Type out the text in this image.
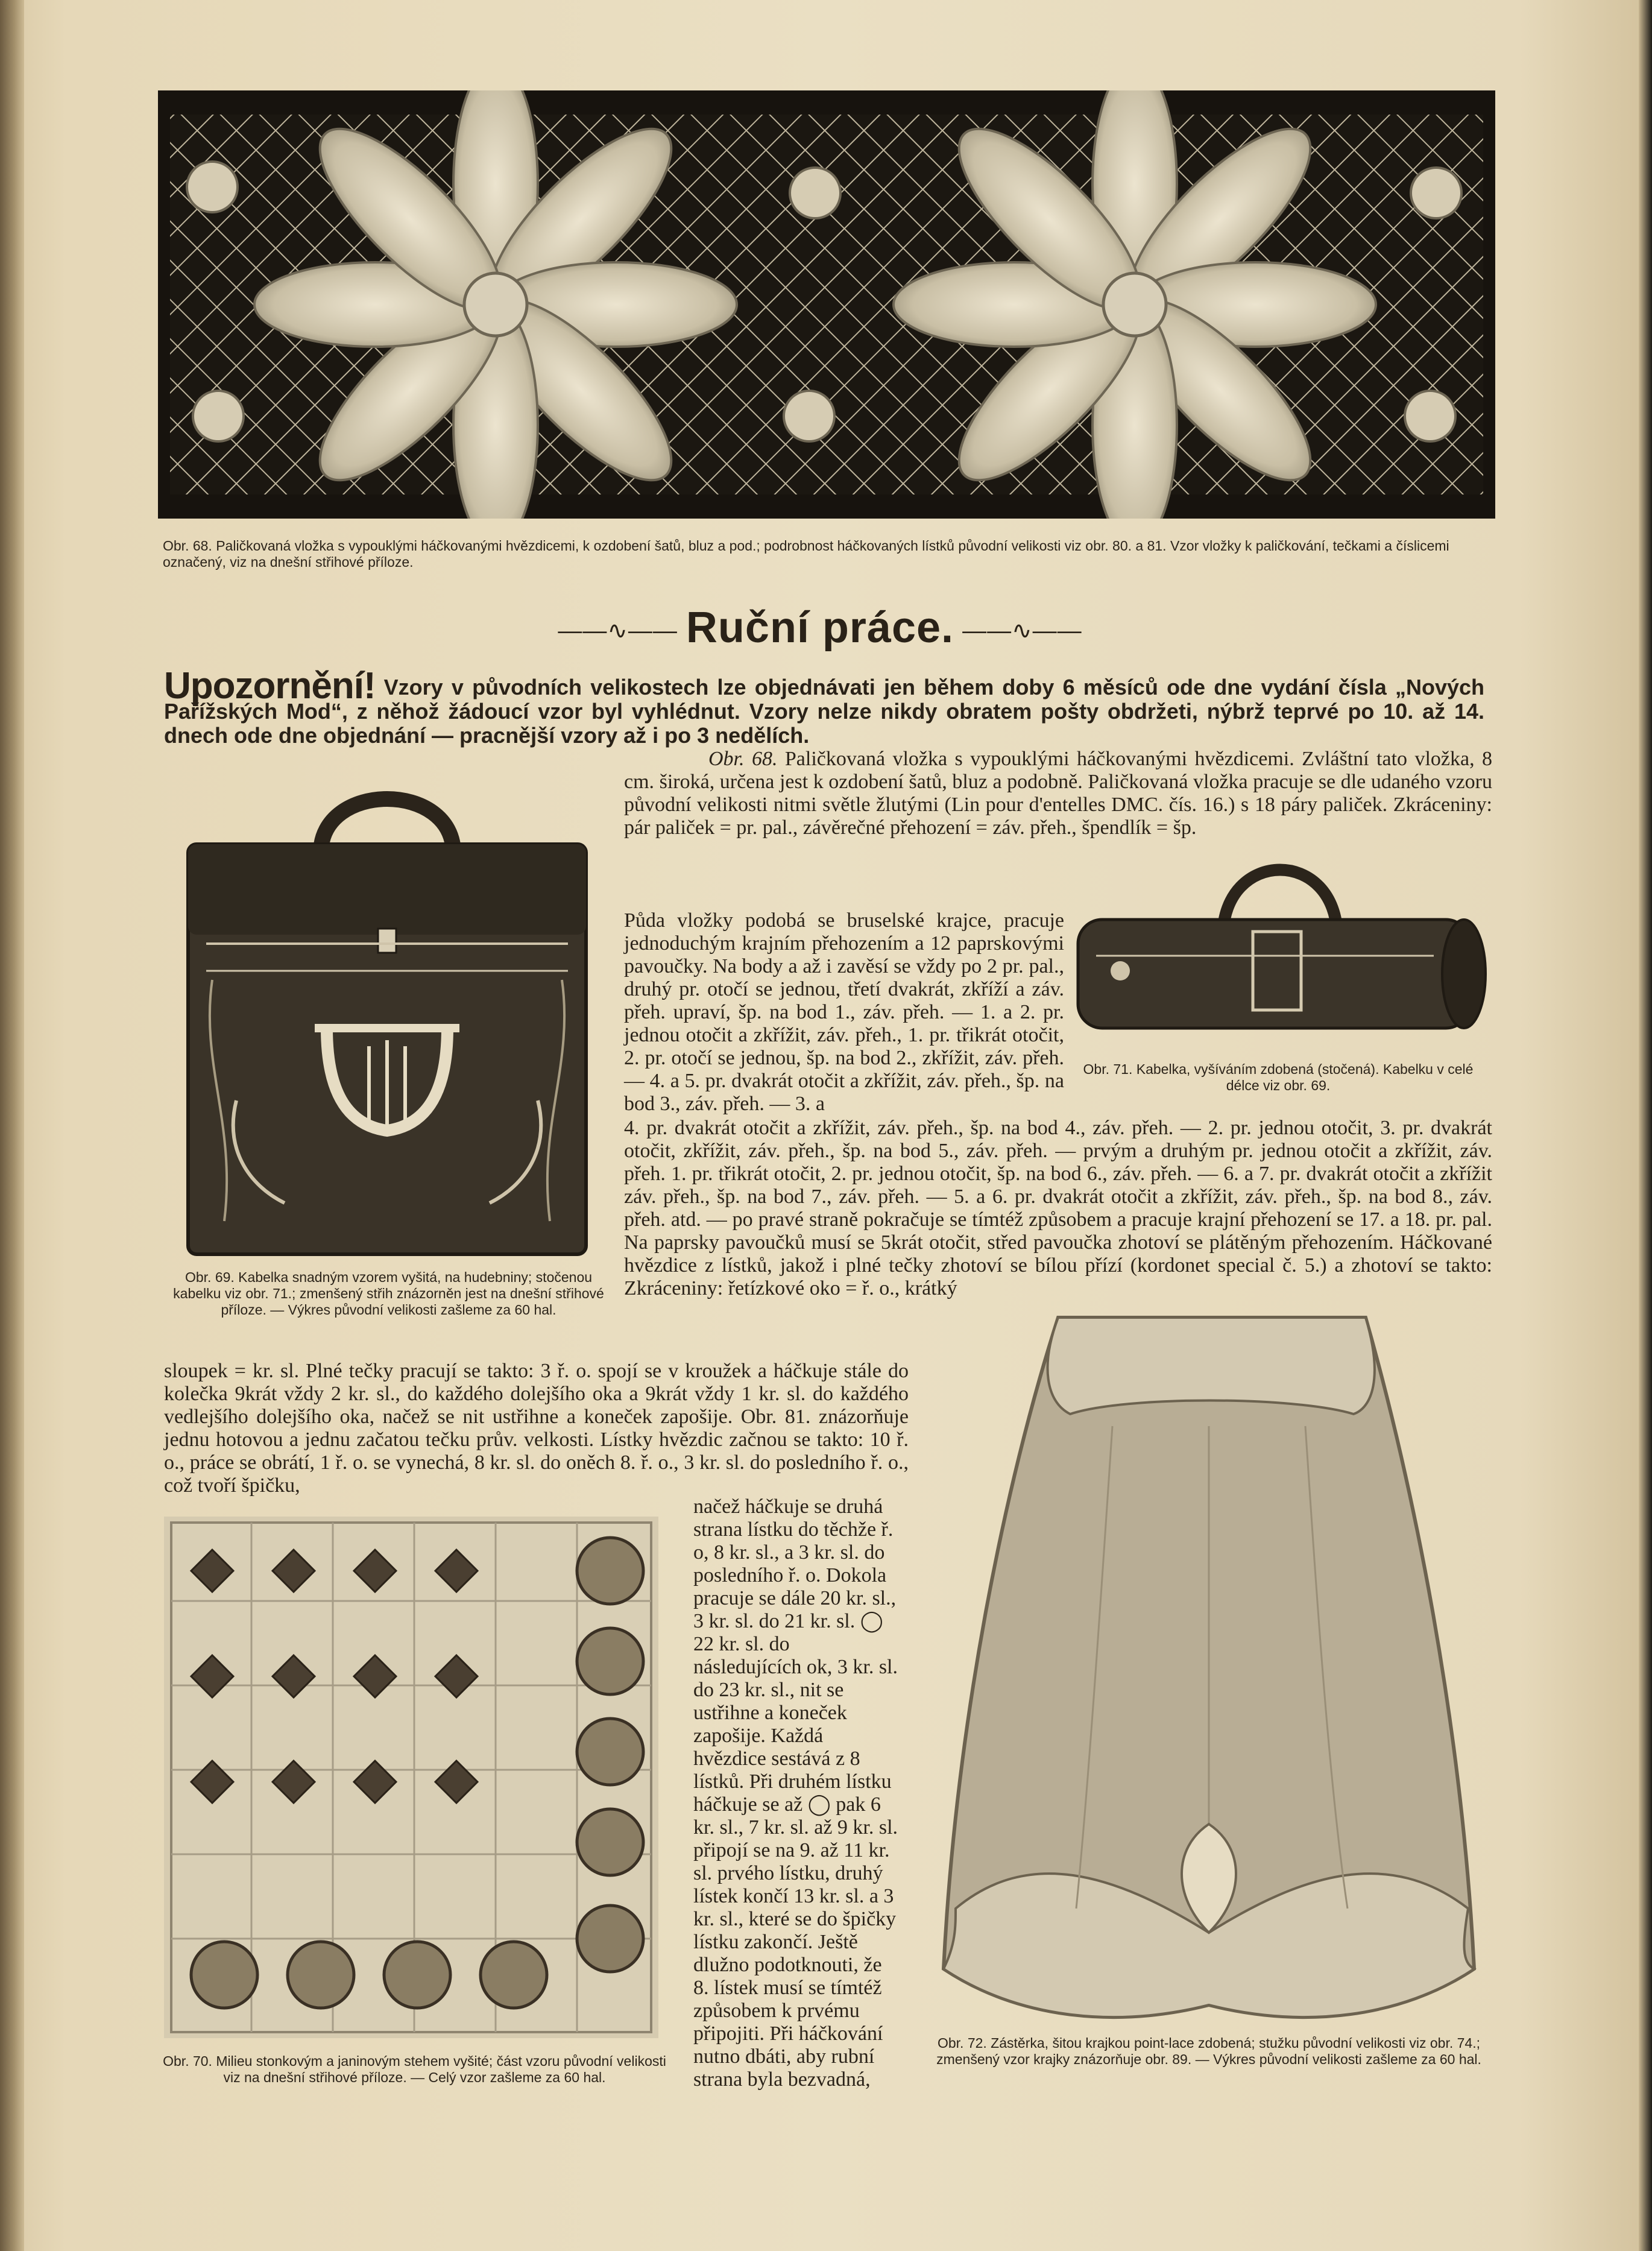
Obr. 68. Paličkovaná vložka s vypouklými háčkovanými hvězdicemi, k ozdobení šatů, bluz a pod.; podrobnost háčkovaných lístků původní velikosti viz obr. 80. a 81. Vzor vložky k paličkování, tečkami a číslicemi označený, viz na dnešní střihové příloze.
——∿—— Ruční práce. ——∿——
Upozornění! Vzory v původních velikostech lze objednávati jen během doby 6 měsíců ode dne vydání čísla „Nových Pařížských Mod“, z něhož žádoucí vzor byl vyhlédnut. Vzory nelze nikdy obratem pošty obdržeti, nýbrž teprvé po 10. až 14. dnech ode dne objednání — pracnější vzory až i po 3 nedělích.
Obr. 69. Kabelka snadným vzorem vyšitá, na hudebniny; stočenou kabelku viz obr. 71.; zmenšený střih znázorněn jest na dnešní střihové příloze. — Výkres původní velikosti zašleme za 60 hal.
Obr. 71. Kabelka, vyšíváním zdobená (stočená). Kabelku v celé délce viz obr. 69.

Obr. 68. Paličkovaná vložka s vypouklými háčkovanými hvězdicemi. Zvláštní tato vložka, 8 cm. široká, určena jest k ozdobení šatů, bluz a podobně. Paličkovaná vložka pracuje se dle udaného vzoru původní velikosti nitmi světle žlutými (Lin pour d'entelles DMC. čís. 16.) s 18 páry paliček. Zkráceniny: pár paliček = pr. pal., závěrečné přehození = záv. přeh., špendlík = šp.

Půda vložky podobá se bruselské krajce, pracuje jednoduchým krajním přehozením a 12 paprskovými pavoučky. Na body a až i zavěsí se vždy po 2 pr. pal., druhý pr. otočí se jednou, třetí dvakrát, zkříží a záv. přeh. upraví, šp. na bod 1., záv. přeh. — 1. a 2. pr. jednou otočit a zkřížit, záv. přeh., 1. pr. třikrát otočit, 2. pr. otočí se jednou, šp. na bod 2., zkřížit, záv. přeh. — 4. a 5. pr. dvakrát otočit a zkřížit, záv. přeh., šp. na bod 3., záv. přeh. — 3. a

4. pr. dvakrát otočit a zkřížit, záv. přeh., šp. na bod 4., záv. přeh. — 2. pr. jednou otočit, 3. pr. dvakrát otočit, zkřížit, záv. přeh., šp. na bod 5., záv. přeh. — prvým a druhým pr. jednou otočit a zkřížit, záv. přeh. 1. pr. třikrát otočit, 2. pr. jednou otočit, šp. na bod 6., záv. přeh. — 6. a 7. pr. dvakrát otočit a zkřížit záv. přeh., šp. na bod 7., záv. přeh. — 5. a 6. pr. dvakrát otočit a zkřížit, záv. přeh., šp. na bod 8., záv. přeh. atd. — po pravé straně pokračuje se tímtéž způsobem a pracuje krajní přehození se 17. a 18. pr. pal. Na paprsky pavoučků musí se 5krát otočit, střed pavoučka zhotoví se plátěným přehozením. Háčkované hvězdice z lístků, jakož i plné tečky zhotoví se bílou přízí (kordonet special č. 5.) a zhotoví se takto: Zkráceniny: řetízkové oko = ř. o., krátký

sloupek = kr. sl. Plné tečky pracují se takto: 3 ř. o. spojí se v kroužek a háčkuje stále do kolečka 9krát vždy 2 kr. sl., do každého dolejšího oka a 9krát vždy 1 kr. sl. do každého vedlejšího dolejšího oka, načež se nit ustřihne a koneček zapošije. Obr. 81. znázorňuje jednu hotovou a jednu začatou tečku prův. velkosti. Lístky hvězdic začnou se takto: 10 ř. o., práce se obrátí, 1 ř. o. se vynechá, 8 kr. sl. do oněch 8. ř. o., 3 kr. sl. do posledního ř. o., což tvoří špičku,

načež háčkuje se druhá strana lístku do těchže ř. o, 8 kr. sl., a 3 kr. sl. do posledního ř. o. Dokola pracuje se dále 20 kr. sl., 3 kr. sl. do 21 kr. sl. ◯ 22 kr. sl. do následujících ok, 3 kr. sl. do 23 kr. sl., nit se ustřihne a koneček zapošije. Každá hvězdice sestává z 8 lístků. Při druhém lístku háčkuje se až ◯ pak 6 kr. sl., 7 kr. sl. až 9 kr. sl. připojí se na 9. až 11 kr. sl. prvého lístku, druhý lístek končí 13 kr. sl. a 3 kr. sl., které se do špičky lístku zakončí. Ještě dlužno podotknouti, že 8. lístek musí se tímtéž způsobem k prvému připojiti. Při háčkování nutno dbáti, aby rubní strana byla bezvadná,

Obr. 70. Milieu stonkovým a janinovým stehem vyšité; část vzoru původní velikosti viz na dnešní střihové příloze. — Celý vzor zašleme za 60 hal.
Obr. 72. Zástěrka, šitou krajkou point-lace zdobená; stužku původní velikosti viz obr. 74.; zmenšený vzor krajky znázorňuje obr. 89. — Výkres původní velikosti zašleme za 60 hal.
